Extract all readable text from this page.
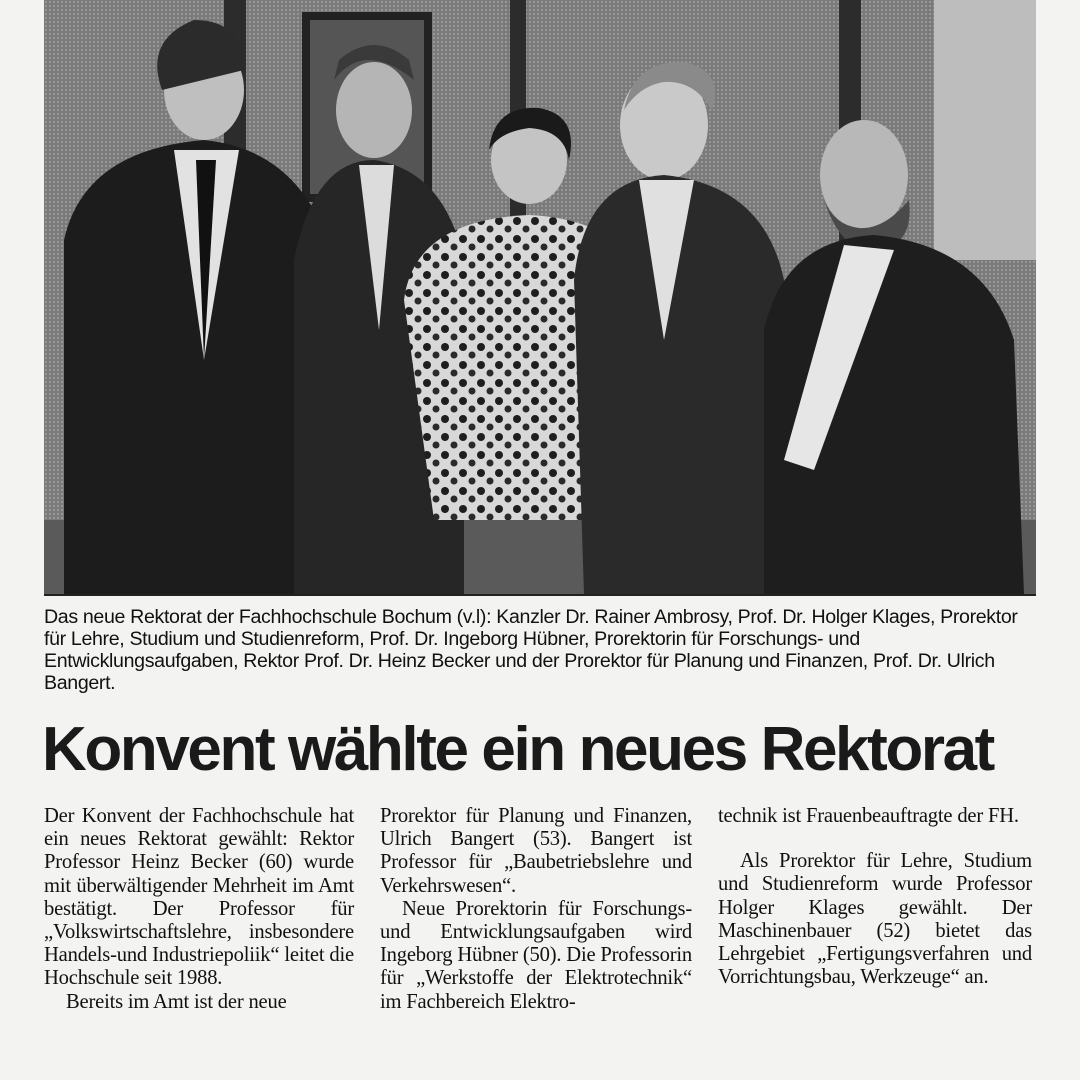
Das neue Rektorat der Fachhochschule Bochum (v.l): Kanzler Dr. Rainer Ambrosy, Prof. Dr. Holger Klages, Prorektor für Lehre, Studium und Studienreform, Prof. Dr. Ingeborg Hübner, Prorektorin für Forschungs- und Entwicklungsaufgaben, Rektor Prof. Dr. Heinz Becker und der Prorektor für Planung und Finanzen, Prof. Dr. Ulrich Bangert.

Konvent wählte ein neues Rektorat

Der Konvent der Fachhochschule hat ein neues Rektorat gewählt: Rektor Professor Heinz Becker (60) wurde mit überwältigender Mehrheit im Amt bestätigt. Der Professor für „Volkswirtschaftslehre, insbesondere Handels-und Industriepoliik“ leitet die Hochschule seit 1988.

Bereits im Amt ist der neue

Prorektor für Planung und Finanzen, Ulrich Bangert (53). Bangert ist Professor für „Baubetriebslehre und Verkehrswesen“.

Neue Prorektorin für Forschungs- und Entwicklungsaufgaben wird Ingeborg Hübner (50). Die Professorin für „Werkstoffe der Elektrotechnik“ im Fachbereich Elektro-

technik ist Frauenbeauftragte der FH.

Als Prorektor für Lehre, Studium und Studienreform wurde Professor Holger Klages gewählt. Der Maschinenbauer (52) bietet das Lehrgebiet „Fertigungsverfahren und Vorrichtungsbau, Werkzeuge“ an.
